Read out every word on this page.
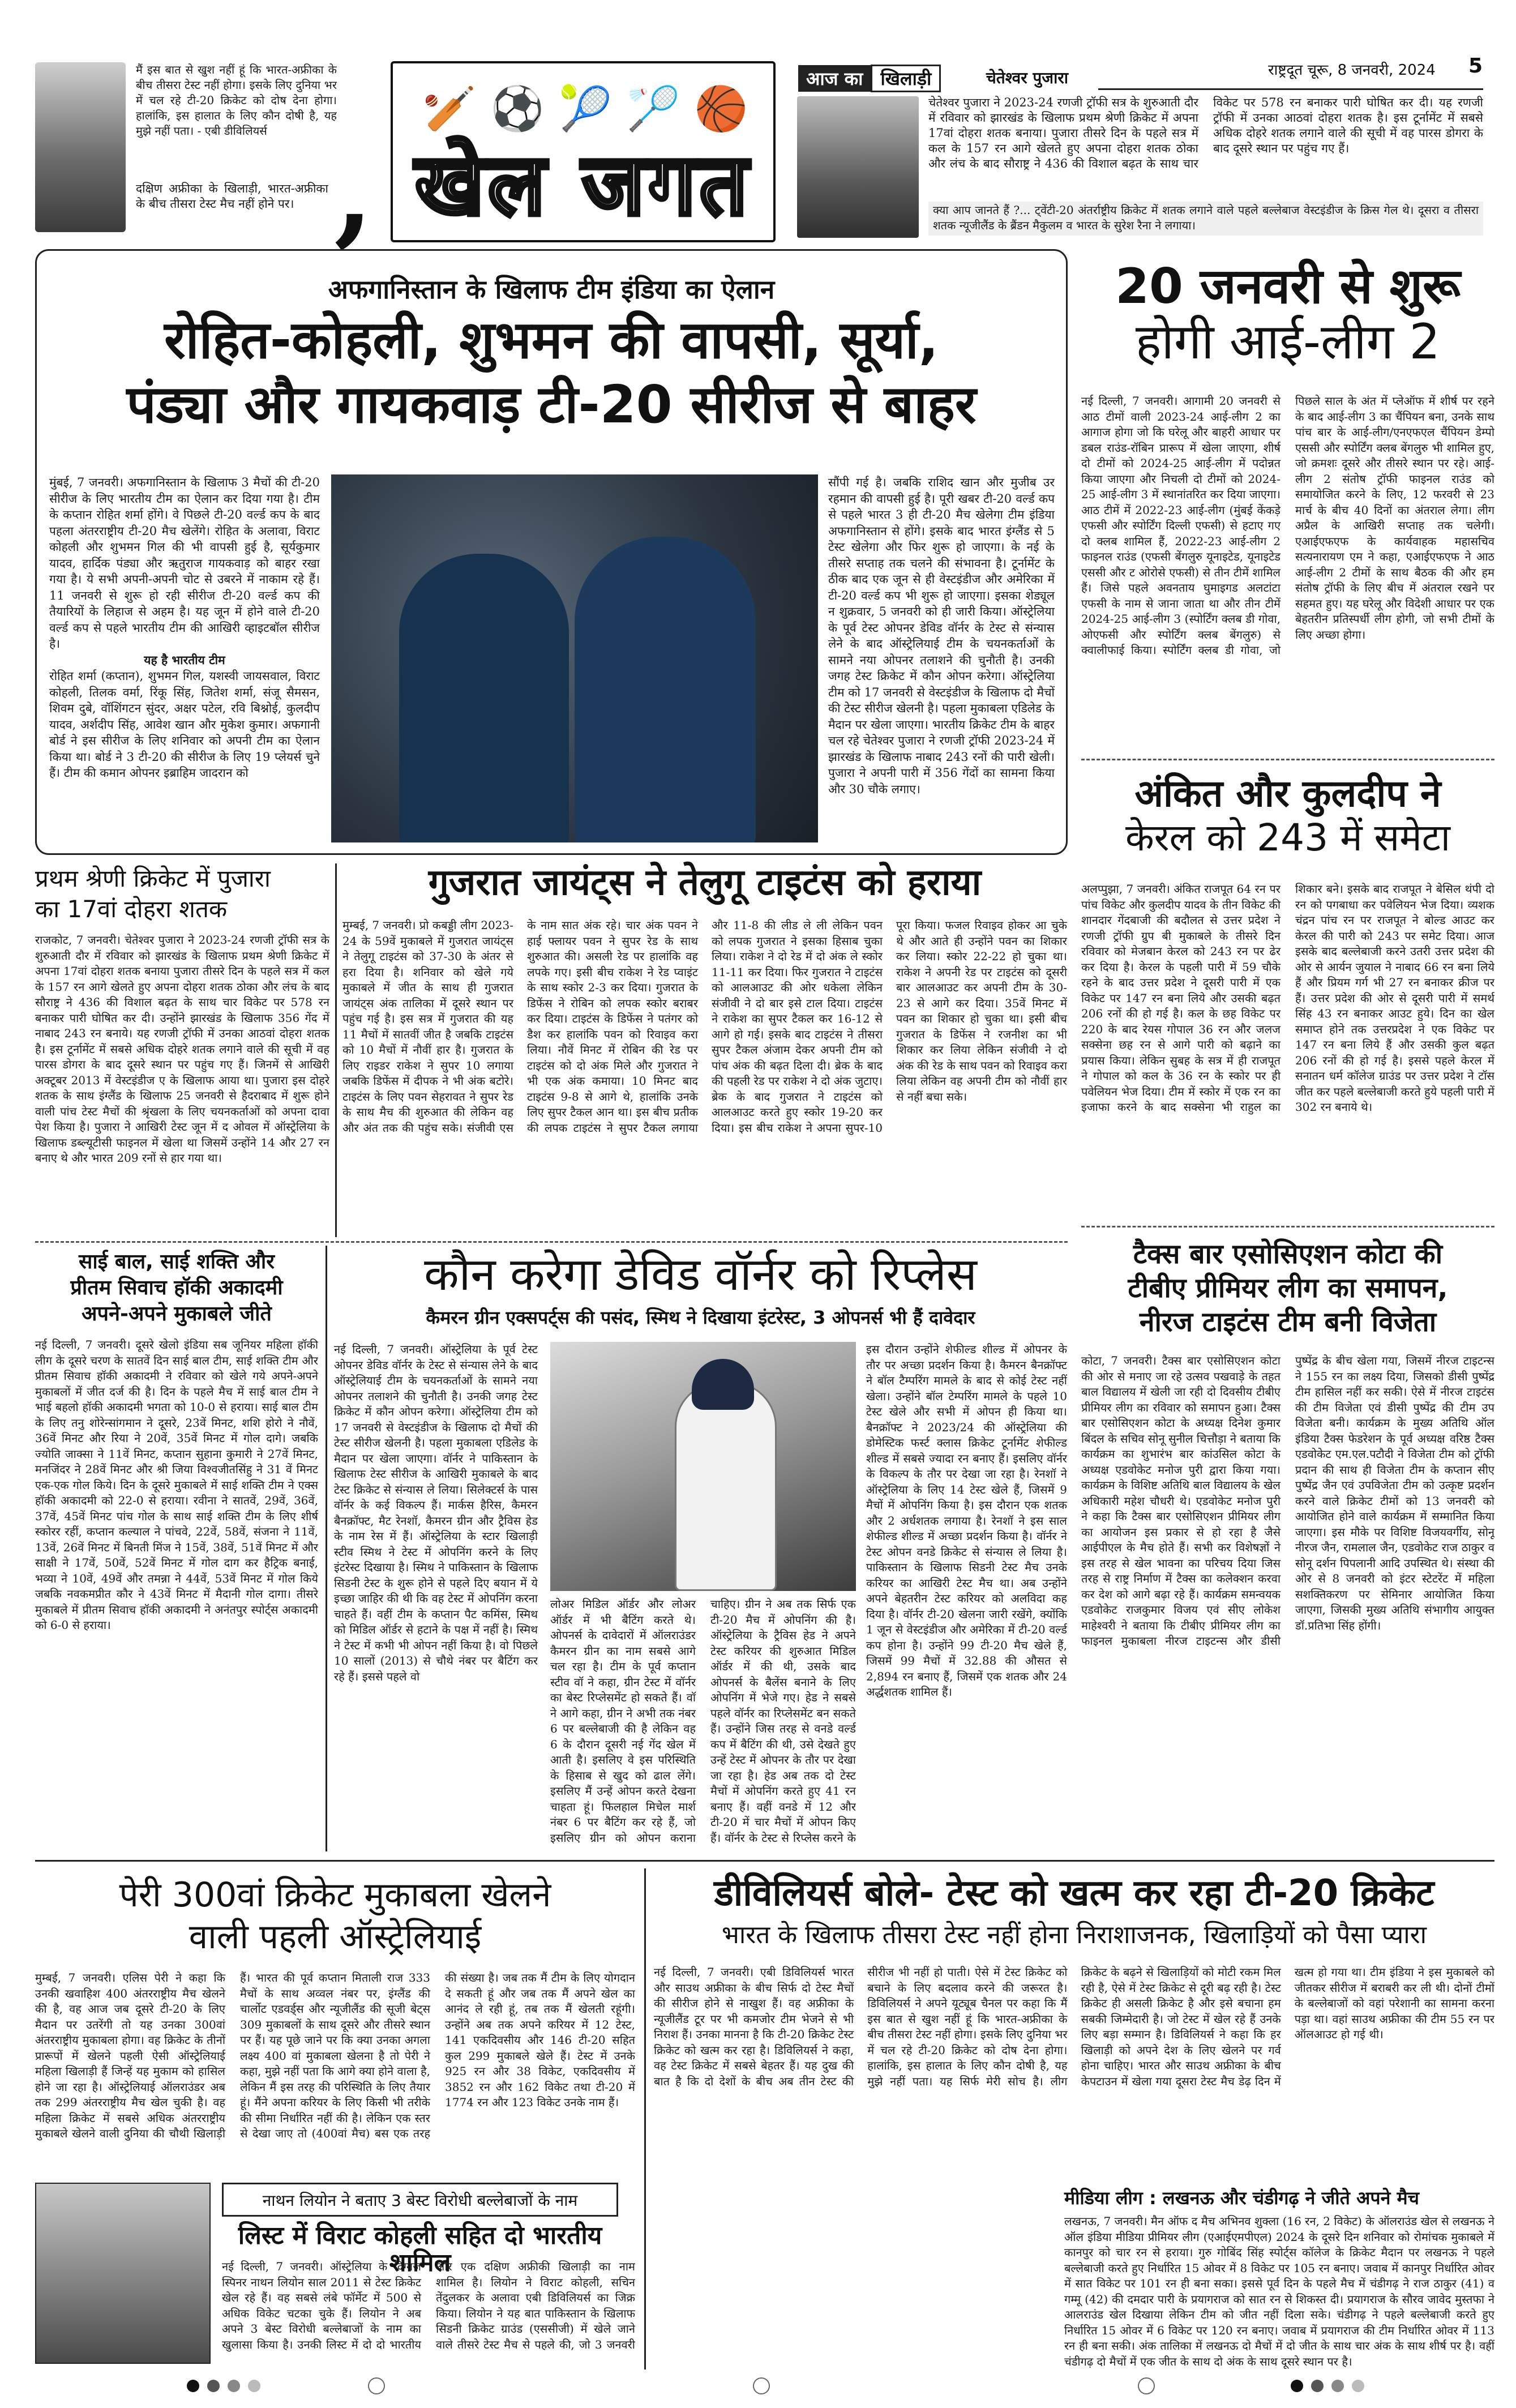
,
मैं इस बात से खुश नहीं हूं कि भारत-अफ्रीका के बीच तीसरा टेस्ट नहीं होगा। इसके लिए दुनिया भर में चल रहे टी-20 क्रिकेट को दोष देना होगा। हालांकि, इस हालात के लिए कौन दोषी है, यह मुझे नहीं पता। - एबी डीविलियर्स
दक्षिण अफ्रीका के खिलाड़ी, भारत-अफ्रीका के बीच तीसरा टेस्ट मैच नहीं होने पर।
🏏 ⚽ 🎾 🏸 🏀
खेल जगत
आज का खिलाड़ी	चेतेश्वर पुजारा	राष्ट्रदूत चूरू, 8 जनवरी, 2024 5
चेतेश्वर पुजारा ने 2023-24 रणजी ट्रॉफी सत्र के शुरुआती दौर में रविवार को झारखंड के खिलाफ प्रथम श्रेणी क्रिकेट में अपना 17वां दोहरा शतक बनाया। पुजारा तीसरे दिन के पहले सत्र में कल के 157 रन आगे खेलते हुए अपना दोहरा शतक ठोका और लंच के बाद सौराष्ट्र ने 436 की विशाल बढ़त के साथ चार विकेट पर 578 रन बनाकर पारी घोषित कर दी। यह रणजी ट्रॉफी में उनका आठवां दोहरा शतक है। इस टूर्नामेंट में सबसे अधिक दोहरे शतक लगाने वाले की सूची में वह पारस डोगरा के बाद दूसरे स्थान पर पहुंच गए हैं।
क्या आप जानते हैं ?... ट्वेंटी-20 अंतर्राष्ट्रीय क्रिकेट में शतक लगाने वाले पहले बल्लेबाज वेस्टइंडीज के क्रिस गेल थे। दूसरा व तीसरा शतक न्यूजीलैंड के ब्रैंडन मैकुलम व भारत के सुरेश रैना ने लगाया।
अफगानिस्तान के खिलाफ टीम इंडिया का ऐलान
रोहित-कोहली, शुभमन की वापसी, सूर्या,
पंड्या और गायकवाड़ टी-20 सीरीज से बाहर
मुंबई, 7 जनवरी। अफगानिस्तान के खिलाफ 3 मैचों की टी-20 सीरीज के लिए भारतीय टीम का ऐलान कर दिया गया है। टीम के कप्तान रोहित शर्मा होंगे। वे पिछले टी-20 वर्ल्ड कप के बाद पहला अंतरराष्ट्रीय टी-20 मैच खेलेंगे। रोहित के अलावा, विराट कोहली और शुभमन गिल की भी वापसी हुई है, सूर्यकुमार यादव, हार्दिक पंड्या और ऋतुराज गायकवाड़ को बाहर रखा गया है। ये सभी अपनी-अपनी चोट से उबरने में नाकाम रहे हैं। 11 जनवरी से शुरू हो रही सीरीज टी-20 वर्ल्ड कप की तैयारियों के लिहाज से अहम है। यह जून में होने वाले टी-20 वर्ल्ड कप से पहले भारतीय टीम की आखिरी व्हाइटबॉल सीरीज है।

यह है भारतीय टीम
रोहित शर्मा (कप्तान), शुभमन गिल, यशस्वी जायसवाल, विराट कोहली, तिलक वर्मा, रिंकू सिंह, जितेश शर्मा, संजू सैमसन, शिवम दुबे, वॉशिंगटन सुंदर, अक्षर पटेल, रवि बिश्नोई, कुलदीप यादव, अर्शदीप सिंह, आवेश खान और मुकेश कुमार। अफगानी बोर्ड ने इस सीरीज के लिए शनिवार को अपनी टीम का ऐलान किया था। बोर्ड ने 3 टी-20 की सीरीज के लिए 19 प्लेयर्स चुने हैं। टीम की कमान ओपनर इब्राहिम जादरान को
सौंपी गई है। जबकि राशिद खान और मुजीब उर रहमान की वापसी हुई है। पूरी खबर टी-20 वर्ल्ड कप से पहले भारत 3 ही टी-20 मैच खेलेगा टीम इंडिया अफगानिस्तान से होंगे। इसके बाद भारत इंग्लैंड से 5 टेस्ट खेलेगा और फिर शुरू हो जाएगा। के नई के तीसरे सप्ताह तक चलने की संभावना है। टूर्नामेंट के ठीक बाद एक जून से ही वेस्टइंडीज और अमेरिका में टी-20 वर्ल्ड कप भी शुरू हो जाएगा। इसका शेड्यूल न शुक्रवार, 5 जनवरी को ही जारी किया। ऑस्ट्रेलिया के पूर्व टेस्ट ओपनर डेविड वॉर्नर के टेस्ट से संन्यास लेने के बाद ऑस्ट्रेलियाई टीम के चयनकर्ताओं के सामने नया ओपनर तलाशने की चुनौती है। उनकी जगह टेस्ट क्रिकेट में कौन ओपन करेगा। ऑस्ट्रेलिया टीम को 17 जनवरी से वेस्टइंडीज के खिलाफ दो मैचों की टेस्ट सीरीज खेलनी है। पहला मुकाबला एडिलेड के मैदान पर खेला जाएगा। भारतीय क्रिकेट टीम के बाहर चल रहे चेतेश्वर पुजारा ने रणजी ट्रॉफी 2023-24 में झारखंड के खिलाफ नाबाद 243 रनों की पारी खेली। पुजारा ने अपनी पारी में 356 गेंदों का सामना किया और 30 चौके लगाए।
20 जनवरी से शुरू
होगी आई-लीग 2
नई दिल्ली, 7 जनवरी। आगामी 20 जनवरी से आठ टीमों वाली 2023-24 आई-लीग 2 का आगाज होगा जो कि घरेलू और बाहरी आधार पर डबल राउंड-रॉबिन प्रारूप में खेला जाएगा, शीर्ष दो टीमों को 2024-25 आई-लीग में पदोन्नत किया जाएगा और निचली दो टीमों को 2024-25 आई-लीग 3 में स्थानांतरित कर दिया जाएगा। आठ टीमें में 2022-23 आई-लीग (मुंबई केंकड़े एफसी और स्पोर्टिंग दिल्ली एफसी) से हटाए गए दो क्लब शामिल हैं, 2022-23 आई-लीग 2 फाइनल राउंड (एफसी बेंगलुरु यूनाइटेड, यूनाइटेड एससी और ट ओरोसे एफसी) से तीन टीमें शामिल हैं। जिसे पहले अवनताय घुमाइगड अलटांटा एफसी के नाम से जाना जाता था और तीन टीमें 2024-25 आई-लीग 3 (स्पोर्टिंग क्लब डी गोवा, ओएफसी और स्पोर्टिंग क्लब बेंगलुरु) से क्वालीफाई किया। स्पोर्टिंग क्लब डी गोवा, जो पिछले साल के अंत में प्लेऑफ में शीर्ष पर रहने के बाद आई-लीग 3 का चैंपियन बना, उनके साथ पांच बार के आई-लीग/एनएफएल चैंपियन डेम्पो एससी और स्पोर्टिंग क्लब बेंगलुरु भी शामिल हुए, जो क्रमशः दूसरे और तीसरे स्थान पर रहे। आई-लीग 2 संतोष ट्रॉफी फाइनल राउंड को समायोजित करने के लिए, 12 फरवरी से 23 मार्च के बीच 40 दिनों का अंतराल लेगा। लीग अप्रैल के आखिरी सप्ताह तक चलेगी। एआईएफएफ के कार्यवाहक महासचिव सत्यनारायण एम ने कहा, एआईएफएफ ने आठ आई-लीग 2 टीमों के साथ बैठक की और हम संतोष ट्रॉफी के लिए बीच में अंतराल रखने पर सहमत हुए। यह घरेलू और विदेशी आधार पर एक बेहतरीन प्रतिस्पर्धी लीग होगी, जो सभी टीमों के लिए अच्छा होगा।
अंकित और कुलदीप ने
केरल को 243 में समेटा
अलप्पुझा, 7 जनवरी। अंकित राजपूत 64 रन पर पांच विकेट और कुलदीप यादव के तीन विकेट की शानदार गेंदबाजी की बदौलत से उत्तर प्रदेश ने रणजी ट्रॉफी ग्रुप बी मुकाबले के तीसरे दिन रविवार को मेजबान केरल को 243 रन पर ढेर कर दिया है। केरल के पहली पारी में 59 चौके रहने के बाद उत्तर प्रदेश ने दूसरी पारी में एक विकेट पर 147 रन बना लिये और उसकी बढ़त 206 रनों की हो गई है। कल के छह विकेट पर 220 के बाद रेयस गोपाल 36 रन और जलज सक्सेना छह रन से आगे पारी को बढ़ाने का प्रयास किया। लेकिन सुबह के सत्र में ही राजपूत ने गोपाल को कल के 36 रन के स्कोर पर ही पवेलियन भेज दिया। टीम में स्कोर में एक रन का इजाफा करने के बाद सक्सेना भी राहुल का शिकार बने। इसके बाद राजपूत ने बेसिल थंपी दो रन को पगबाधा कर पवेलियन भेज दिया। व्यशक चंद्रन पांच रन पर राजपूत ने बोल्ड आउट कर केरल की पारी को 243 पर समेट दिया। आज इसके बाद बल्लेबाजी करने उतरी उत्तर प्रदेश की ओर से आर्यन जुयाल ने नाबाद 66 रन बना लिये हैं और प्रियम गर्ग भी 27 रन बनाकर क्रीज पर हैं। उत्तर प्रदेश की ओर से दूसरी पारी में समर्थ सिंह 43 रन बनाकर आउट हुये। दिन का खेल समाप्त होने तक उत्तरप्रदेश ने एक विकेट पर 147 रन बना लिये हैं और उसकी कुल बढ़त 206 रनों की हो गई है। इससे पहले केरल में सनातन धर्म कॉलेज ग्राउंड पर उत्तर प्रदेश ने टॉस जीत कर पहले बल्लेबाजी करते हुये पहली पारी में 302 रन बनाये थे।
प्रथम श्रेणी क्रिकेट में पुजारा
का 17वां दोहरा शतक
राजकोट, 7 जनवरी। चेतेश्वर पुजारा ने 2023-24 रणजी ट्रॉफी सत्र के शुरुआती दौर में रविवार को झारखंड के खिलाफ प्रथम श्रेणी क्रिकेट में अपना 17वां दोहरा शतक बनाया पुजारा तीसरे दिन के पहले सत्र में कल के 157 रन आगे खेलते हुए अपना दोहरा शतक ठोका और लंच के बाद सौराष्ट्र ने 436 की विशाल बढ़त के साथ चार विकेट पर 578 रन बनाकर पारी घोषित कर दी। उन्होंने झारखंड के खिलाफ 356 गेंद में नाबाद 243 रन बनाये। यह रणजी ट्रॉफी में उनका आठवां दोहरा शतक है। इस टूर्नामेंट में सबसे अधिक दोहरे शतक लगाने वाले की सूची में वह पारस डोगरा के बाद दूसरे स्थान पर पहुंच गए हैं। जिनमें से आखिरी अक्टूबर 2013 में वेस्टइंडीज ए के खिलाफ आया था। पुजारा इस दोहरे शतक के साथ इंग्लैंड के खिलाफ 25 जनवरी से हैदराबाद में शुरू होने वाली पांच टेस्ट मैचों की श्रृंखला के लिए चयनकर्ताओं को अपना दावा पेश किया है। पुजारा ने आखिरी टेस्ट जून में द ओवल में ऑस्ट्रेलिया के खिलाफ डब्ल्यूटीसी फाइनल में खेला था जिसमें उन्होंने 14 और 27 रन बनाए थे और भारत 209 रनों से हार गया था।
गुजरात जायंट्स ने तेलुगू टाइटंस को हराया
मुम्बई, 7 जनवरी। प्रो कबड्डी लीग 2023-24 के 59वें मुकाबले में गुजरात जायंट्स ने तेलुगू टाइटंस को 37-30 के अंतर से हरा दिया है। शनिवार को खेले गये मुकाबले में जीत के साथ ही गुजरात जायंट्स अंक तालिका में दूसरे स्थान पर पहुंच गई है। इस सत्र में गुजरात की यह 11 मैचों में सातवीं जीत है जबकि टाइटंस को 10 मैचों में नौवीं हार है। गुजरात के लिए राइडर राकेश ने सुपर 10 लगाया जबकि डिफेंस में दीपक ने भी अंक बटोरे। टाइटंस के लिए पवन सेहरावत ने सुपर रेड के साथ मैच की शुरुआत की लेकिन वह और अंत तक की पहुंच सके। संजीवी एस के नाम सात अंक रहे। चार अंक पवन ने हाई फ्लायर पवन ने सुपर रेड के साथ शुरुआत की। असली रेड पर हालांकि वह लपके गए। इसी बीच राकेश ने रेड प्वाइंट के साथ स्कोर 2-3 कर दिया। गुजरात के डिफेंस ने रोबिन को लपक स्कोर बराबर कर दिया। टाइटंस के डिफेंस ने पतंगर को डैश कर हालांकि पवन को रिवाइव करा लिया। नौवें मिनट में रोबिन की रेड पर टाइटंस को दो अंक मिले और गुजरात ने भी एक अंक कमाया। 10 मिनट बाद टाइटंस 9-8 से आगे थे, हालांकि उनके लिए सुपर टैकल आन था। इस बीच प्रतीक की लपक टाइटंस ने सुपर टैकल लगाया और 11-8 की लीड ले ली लेकिन पवन को लपक गुजरात ने इसका हिसाब चुका लिया। राकेश ने दो रेड में दो अंक ले स्कोर 11-11 कर दिया। फिर गुजरात ने टाइटंस को आलआउट की ओर धकेला लेकिन संजीवी ने दो बार इसे टाल दिया। टाइटंस ने राकेश का सुपर टैकल कर 16-12 से आगे हो गई। इसके बाद टाइटंस ने तीसरा सुपर टैकल अंजाम देकर अपनी टीम को पांच अंक की बढ़त दिला दी। ब्रेक के बाद की पहली रेड पर राकेश ने दो अंक जुटाए। ब्रेक के बाद गुजरात ने टाइटंस को आलआउट करते हुए स्कोर 19-20 कर दिया। इस बीच राकेश ने अपना सुपर-10 पूरा किया। फजल रिवाइव होकर आ चुके थे और आते ही उन्होंने पवन का शिकार कर लिया। स्कोर 22-22 हो चुका था। राकेश ने अपनी रेड पर टाइटंस को दूसरी बार आलआउट कर अपनी टीम के 30-23 से आगे कर दिया। 35वें मिनट में पवन का शिकार हो चुका था। इसी बीच गुजरात के डिफेंस ने रजनीश का भी शिकार कर लिया लेकिन संजीवी ने दो अंक की रेड के साथ पवन को रिवाइव करा लिया लेकिन वह अपनी टीम को नौवीं हार से नहीं बचा सके।
साई बाल, साई शक्ति और
प्रीतम सिवाच हॉकी अकादमी
अपने-अपने मुकाबले जीते
नई दिल्ली, 7 जनवरी। दूसरे खेलो इंडिया सब जूनियर महिला हॉकी लीग के दूसरे चरण के सातवें दिन साई बाल टीम, साई शक्ति टीम और प्रीतम सिवाच हॉकी अकादमी ने रविवार को खेले गये अपने-अपने मुकाबलों में जीत दर्ज की है। दिन के पहले मैच में साई बाल टीम ने भाई बहलो हॉकी अकादमी भगता को 10-0 से हराया। साई बाल टीम के लिए तनु शोरेन्सांगमान ने दूसरे, 23वें मिनट, शशि होरो ने नौवें, 36वें मिनट और रिया ने 20वें, 35वें मिनट में गोल दागे। जबकि ज्योति जाक्सा ने 11वें मिनट, कप्तान सुहाना कुमारी ने 27वें मिनट, मनजिंदर ने 28वें मिनट और श्री जिया विश्वजीतसिंहु ने 31 वें मिनट एक-एक गोल किये। दिन के दूसरे मुकाबले में साई शक्ति टीम ने एक्स हॉकी अकादमी को 22-0 से हराया। रवीना ने सातवें, 29वें, 36वें, 37वें, 45वें मिनट पांच गोल के साथ साई शक्ति टीम के लिए शीर्ष स्कोरर रहीं, कप्तान कल्याल ने पांचवे, 22वें, 58वें, संजना ने 11वें, 13वें, 26वें मिनट में बिनती मिंज ने 15वें, 38वें, 51वें मिनट में और साक्षी ने 17वें, 50वें, 52वें मिनट में गोल दाग कर हैट्रिक बनाई, भव्या ने 10वें, 49वें और तमन्ना ने 44वें, 53वें मिनट में गोल किये जबकि नवकमप्रीत कौर ने 43वें मिनट में मैदानी गोल दागा। तीसरे मुकाबले में प्रीतम सिवाच हॉकी अकादमी ने अनंतपुर स्पोर्ट्स अकादमी को 6-0 से हराया।
कौन करेगा डेविड वॉर्नर को रिप्लेस
कैमरन ग्रीन एक्सपर्ट्स की पसंद, स्मिथ ने दिखाया इंटरेस्ट, 3 ओपनर्स भी हैं दावेदार
नई दिल्ली, 7 जनवरी। ऑस्ट्रेलिया के पूर्व टेस्ट ओपनर डेविड वॉर्नर के टेस्ट से संन्यास लेने के बाद ऑस्ट्रेलियाई टीम के चयनकर्ताओं के सामने नया ओपनर तलाशने की चुनौती है। उनकी जगह टेस्ट क्रिकेट में कौन ओपन करेगा। ऑस्ट्रेलिया टीम को 17 जनवरी से वेस्टइंडीज के खिलाफ दो मैचों की टेस्ट सीरीज खेलनी है। पहला मुकाबला एडिलेड के मैदान पर खेला जाएगा। वॉर्नर ने पाकिस्तान के खिलाफ टेस्ट सीरीज के आखिरी मुकाबले के बाद टेस्ट क्रिकेट से संन्यास ले लिया। सिलेक्टर्स के पास वॉर्नर के कई विकल्प हैं। मार्कस हैरिस, कैमरन बैनक्रॉफ्ट, मैट रेनशॉ, कैमरन ग्रीन और ट्रैविस हेड के नाम रेस में हैं। ऑस्ट्रेलिया के स्टार खिलाड़ी स्टीव स्मिथ ने टेस्ट में ओपनिंग करने के लिए इंटरेस्ट दिखाया है। स्मिथ ने पाकिस्तान के खिलाफ सिडनी टेस्ट के शुरू होने से पहले दिए बयान में ये इच्छा जाहिर की थी कि वह टेस्ट में ओपनिंग करना चाहते हैं। वहीं टीम के कप्तान पैट कमिंस, स्मिथ को मिडिल ऑर्डर से हटाने के पक्ष में नहीं है। स्मिथ ने टेस्ट में कभी भी ओपन नहीं किया है। वो पिछले 10 सालों (2013) से चौथे नंबर पर बैटिंग कर रहे हैं। इससे पहले वो
लोअर मिडिल ऑर्डर और लोअर ऑर्डर में भी बैटिंग करते थे। ओपनर्स के दावेदारों में ऑलराउंडर कैमरन ग्रीन का नाम सबसे आगे चल रहा है। टीम के पूर्व कप्तान स्टीव वॉ ने कहा, ग्रीन टेस्ट में वॉर्नर का बेस्ट रिप्लेसमेंट हो सकते हैं। वॉ ने आगे कहा, ग्रीन ने अभी तक नंबर 6 पर बल्लेबाजी की है लेकिन वह 6 के दौरान दूसरी नई गेंद खेल में आती है। इसलिए वे इस परिस्थिति के हिसाब से खुद को ढाल लेंगे। इसलिए मैं उन्हें ओपन करते देखना चाहता हूं। फिलहाल मिचेल मार्श नंबर 6 पर बैटिंग कर रहे हैं, जो इसलिए ग्रीन को ओपन कराना चाहिए। ग्रीन ने अब तक सिर्फ एक टी-20 मैच में ओपनिंग की है। ऑस्ट्रेलिया के ट्रैविस हेड ने अपने टेस्ट करियर की शुरुआत मिडिल ऑर्डर में की थी, उसके बाद ओपनर्स के बैलेंस बनाने के लिए ओपनिंग में भेजे गए। हेड ने सबसे पहले वॉर्नर का रिप्लेसमेंट बन सकते हैं। उन्होंने जिस तरह से वनडे वर्ल्ड कप में बैटिंग की थी, उसे देखते हुए उन्हें टेस्ट में ओपनर के तौर पर देखा जा रहा है। हेड अब तक दो टेस्ट मैचों में ओपनिंग करते हुए 41 रन बनाए हैं। वहीं वनडे में 12 और टी-20 में चार मैचों में ओपन किए हैं। वॉर्नर के टेस्ट से रिप्लेस करने के
इस दौरान उन्होंने शेफील्ड शील्ड में ओपनर के तौर पर अच्छा प्रदर्शन किया है। कैमरन बैनक्रॉफ्ट ने बॉल टैम्परिंग मामले के बाद से कोई टेस्ट नहीं खेला। उन्होंने बॉल टेम्परिंग मामले के पहले 10 टेस्ट खेले और सभी में ओपन ही किया था। बैनक्रॉफ्ट ने 2023/24 की ऑस्ट्रेलिया की डोमेस्टिक फर्स्ट क्लास क्रिकेट टूर्नामेंट शेफील्ड शील्ड में सबसे ज्यादा रन बनाए हैं। इसलिए वॉर्नर के विकल्प के तौर पर देखा जा रहा है। रेनशॉ ने ऑस्ट्रेलिया के लिए 14 टेस्ट खेले हैं, जिसमें 9 मैचों में ओपनिंग किया है। इस दौरान एक शतक और 2 अर्धशतक लगाया है। रेनशॉ ने इस साल शेफील्ड शील्ड में अच्छा प्रदर्शन किया है। वॉर्नर ने टेस्ट ओपन वनडे क्रिकेट से संन्यास ले लिया है। पाकिस्तान के खिलाफ सिडनी टेस्ट मैच उनके करियर का आखिरी टेस्ट मैच था। अब उन्होंने अपने बेहतरीन टेस्ट करियर को अलविदा कह दिया है। वॉर्नर टी-20 खेलना जारी रखेंगे, क्योंकि 1 जून से वेस्टइंडीज और अमेरिका में टी-20 वर्ल्ड कप होना है। उन्होंने 99 टी-20 मैच खेले हैं, जिसमें 99 मैचों में 32.88 की औसत से 2,894 रन बनाए हैं, जिसमें एक शतक और 24 अर्द्धशतक शामिल हैं।
टैक्स बार एसोसिएशन कोटा की
टीबीए प्रीमियर लीग का समापन,
नीरज टाइटंस टीम बनी विजेता
कोटा, 7 जनवरी। टैक्स बार एसोसिएशन कोटा की ओर से मनाए जा रहे उत्सव पखवाड़े के तहत बाल विद्यालय में खेली जा रही दो दिवसीय टीबीए प्रीमियर लीग का रविवार को समापन हुआ। टैक्स बार एसोसिएशन कोटा के अध्यक्ष दिनेश कुमार बिंदल के सचिव सोनू सुनील चित्तौड़ा ने बताया कि कार्यक्रम का शुभारंभ बार कांउसिल कोटा के अध्यक्ष एडवोकेट मनोज पुरी द्वारा किया गया। कार्यक्रम के विशिष्ट अतिथि बाल विद्यालय के खेल अधिकारी महेश चौधरी थे। एडवोकेट मनोज पुरी ने कहा कि टैक्स बार एसोसिएशन प्रीमियर लीग का आयोजन इस प्रकार से हो रहा है जैसे आईपीएल के मैच होते हैं। सभी कर विशेषज्ञों ने इस तरह से खेल भावना का परिचय दिया जिस तरह से राष्ट्र निर्माण में टैक्स का कलेक्शन करवा कर देश को आगे बढ़ा रहे हैं। कार्यक्रम समन्वयक एडवोकेट राजकुमार विजय एवं सीए लोकेश माहेश्वरी ने बताया कि टीबीए प्रीमियर लीग का फाइनल मुकाबला नीरज टाइटन्स और डीसी पुष्पेंद्र के बीच खेला गया, जिसमें नीरज टाइटन्स ने 155 रन का लक्ष्य दिया, जिसको डीसी पुष्पेंद्र टीम हासिल नहीं कर सकी। ऐसे में नीरज टाइटंस की टीम विजेता एवं डीसी पुष्पेंद्र की टीम उप विजेता बनी। कार्यक्रम के मुख्य अतिथि ऑल इंडिया टैक्स फेडरेशन के पूर्व अध्यक्ष वरिष्ठ टैक्स एडवोकेट एम.एल.पटौदी ने विजेता टीम को ट्रॉफी प्रदान की साथ ही विजेता टीम के कप्तान सीए पुष्पेंद्र जैन एवं उपविजेता टीम को उत्कृष्ट प्रदर्शन करने वाले क्रिकेट टीमों को 13 जनवरी को आयोजित होने वाले कार्यक्रम में सम्मानित किया जाएगा। इस मौके पर विशिष्ट विजयवर्गीय, सोनू नीरज जैन, रामलाल जैन, एडवोकेट राज ठाकुर व सोनू दर्शन पिपलानी आदि उपस्थित थे। संस्था की ओर से 8 जनवरी को इंटर स्टेटरेंट में महिला सशक्तिकरण पर सेमिनार आयोजित किया जाएगा, जिसकी मुख्य अतिथि संभागीय आयुक्त डॉ.प्रतिभा सिंह होंगी।
पेरी 300वां क्रिकेट मुकाबला खेलने
वाली पहली ऑस्ट्रेलियाई
मुम्बई, 7 जनवरी। एलिस पेरी ने कहा कि उनकी खवाहिश 400 अंतरराष्ट्रीय मैच खेलने की है, वह आज जब दूसरे टी-20 के लिए मैदान पर उतरेंगी तो यह उनका 300वां अंतरराष्ट्रीय मुकाबला होगा। वह क्रिकेट के तीनों प्रारूपों में खेलने पहली ऐसी ऑस्ट्रेलियाई महिला खिलाड़ी हैं जिन्हें यह मुकाम को हासिल होने जा रहा है। ऑस्ट्रेलियाई ऑलराउंडर अब तक 299 अंतरराष्ट्रीय मैच खेल चुकी है। वह महिला क्रिकेट में सबसे अधिक अंतरराष्ट्रीय मुकाबले खेलने वाली दुनिया की चौथी खिलाड़ी हैं। भारत की पूर्व कप्तान मिताली राज 333 मैचों के साथ अव्वल नंबर पर, इंग्लैंड की चार्लोट एडवर्ड्स और न्यूजीलैंड की सूजी बेट्स 309 मुकाबलों के साथ दूसरे और तीसरे स्थान पर हैं। यह पूछे जाने पर कि क्या उनका अगला लक्ष्य 400 वां मुकाबला खेलना है तो पेरी ने कहा, मुझे नहीं पता कि आगे क्या होने वाला है, लेकिन मैं इस तरह की परिस्थिति के लिए तैयार हूं। मैंने अपना करियर के लिए किसी भी तरीके की सीमा निर्धारित नहीं की है। लेकिन एक स्तर से देखा जाए तो (400वां मैच) बस एक तरह की संख्या है। जब तक मैं टीम के लिए योगदान दे सकती हूं और जब तक मैं अपने खेल का आनंद ले रही हूं, तब तक मैं खेलती रहूंगी। उन्होंने अब तक अपने करियर में 12 टेस्ट, 141 एकदिवसीय और 146 टी-20 सहित कुल 299 मुकाबले खेले हैं। टेस्ट में उनके 925 रन और 38 विकेट, एकदिवसीय में 3852 रन और 162 विकेट तथा टी-20 में 1774 रन और 123 विकेट उनके नाम हैं।
नाथन लियोन ने बताए 3 बेस्ट विरोधी बल्लेबाजों के नाम
लिस्ट में विराट कोहली सहित दो भारतीय शामिल
नई दिल्ली, 7 जनवरी। ऑस्ट्रेलिया के दिग्गज स्पिनर नाथन लियोन साल 2011 से टेस्ट क्रिकेट खेल रहे हैं। वह सबसे लंबे फॉर्मेट में 500 से अधिक विकेट चटका चुके हैं। लियोन ने अब अपने 3 बेस्ट विरोधी बल्लेबाजों के नाम का खुलासा किया है। उनकी लिस्ट में दो दो भारतीय और एक दक्षिण अफ्रीकी खिलाड़ी का नाम शामिल है। लियोन ने विराट कोहली, सचिन तेंदुलकर के अलावा एबी डिविलियर्स का जिक्र किया। लियोन ने यह बात पाकिस्तान के खिलाफ सिडनी क्रिकेट ग्राउंड (एससीजी) में खेले जाने वाले तीसरे टेस्ट मैच से पहले की, जो 3 जनवरी
डीविलियर्स बोले- टेस्ट को खत्म कर रहा टी-20 क्रिकेट
भारत के खिलाफ तीसरा टेस्ट नहीं होना निराशाजनक, खिलाड़ियों को पैसा प्यारा
नई दिल्ली, 7 जनवरी। एबी डिविलियर्स भारत और साउथ अफ्रीका के बीच सिर्फ दो टेस्ट मैचों की सीरीज होने से नाखुश हैं। वह अफ्रीका के न्यूजीलैंड टूर पर भी कमजोर टीम भेजने से भी निराश हैं। उनका मानना है कि टी-20 क्रिकेट टेस्ट क्रिकेट को खत्म कर रहा है। डिविलियर्स ने कहा, वह टेस्ट क्रिकेट में सबसे बेहतर हैं। यह दुख की बात है कि दो देशों के बीच अब तीन टेस्ट की सीरीज भी नहीं हो पाती। ऐसे में टेस्ट क्रिकेट को बचाने के लिए बदलाव करने की जरूरत है। डिविलियर्स ने अपने यूट्यूब चैनल पर कहा कि मैं इस बात से खुश नहीं हूं कि भारत-अफ्रीका के बीच तीसरा टेस्ट नहीं होगा। इसके लिए दुनिया भर में चल रहे टी-20 क्रिकेट को दोष देना होगा। हालांकि, इस हालात के लिए कौन दोषी है, यह मुझे नहीं पता। यह सिर्फ मेरी सोच है। लीग क्रिकेट के बढ़ने से खिलाड़ियों को मोटी रकम मिल रही है, ऐसे में टेस्ट क्रिकेट से दूरी बढ़ रही है। टेस्ट क्रिकेट ही असली क्रिकेट है और इसे बचाना हम सबकी जिम्मेदारी है। जो टेस्ट में खेल रहे हैं उनके लिए बड़ा सम्मान है। डिविलियर्स ने कहा कि हर खिलाड़ी को अपने देश के लिए खेलने पर गर्व होना चाहिए। भारत और साउथ अफ्रीका के बीच केपटाउन में खेला गया दूसरा टेस्ट मैच डेढ़ दिन में खत्म हो गया था। टीम इंडिया ने इस मुकाबले को जीतकर सीरीज में बराबरी कर ली थी। दोनों टीमों के बल्लेबाजों को वहां परेशानी का सामना करना पड़ा था। वहां साउथ अफ्रीका की टीम 55 रन पर ऑलआउट हो गई थी।
मीडिया लीग : लखनऊ और चंडीगढ़ ने जीते अपने मैच
लखनऊ, 7 जनवरी। मैन ऑफ द मैच अभिनव शुक्ला (16 रन, 2 विकेट) के ऑलराउंड खेल से लखनऊ ने ऑल इंडिया मीडिया प्रीमियर लीग (एआईएमपीएल) 2024 के दूसरे दिन शनिवार को रोमांचक मुकाबले में कानपुर को चार रन से हराया। गुरु गोबिंद सिंह स्पोर्ट्स कॉलेज के क्रिकेट मैदान पर लखनऊ ने पहले बल्लेबाजी करते हुए निर्धारित 15 ओवर में 8 विकेट पर 105 रन बनाए। जवाब में कानपुर निर्धारित ओवर में सात विकेट पर 101 रन ही बना सका। इससे पूर्व दिन के पहले मैच में चंडीगढ़ ने राज ठाकुर (41) व गम्मू (42) की दमदार पारी के प्रयागराज को सात रन से शिकस्त दी। प्रयागराज के सौरव जावेद मुस्तफा ने आलराउंड खेल दिखाया लेकिन टीम को जीत नहीं दिला सके। चंडीगढ़ ने पहले बल्लेबाजी करते हुए निर्धारित 15 ओवर में 6 विकेट पर 120 रन बनाए। जवाब में प्रयागराज की टीम निर्धारित ओवर में 113 रन ही बना सकी। अंक तालिका में लखनऊ दो मैचों में दो जीत के साथ चार अंक के साथ शीर्ष पर है। वहीं चंडीगढ़ दो मैचों में एक जीत के साथ दो अंक के साथ दूसरे स्थान पर है।
